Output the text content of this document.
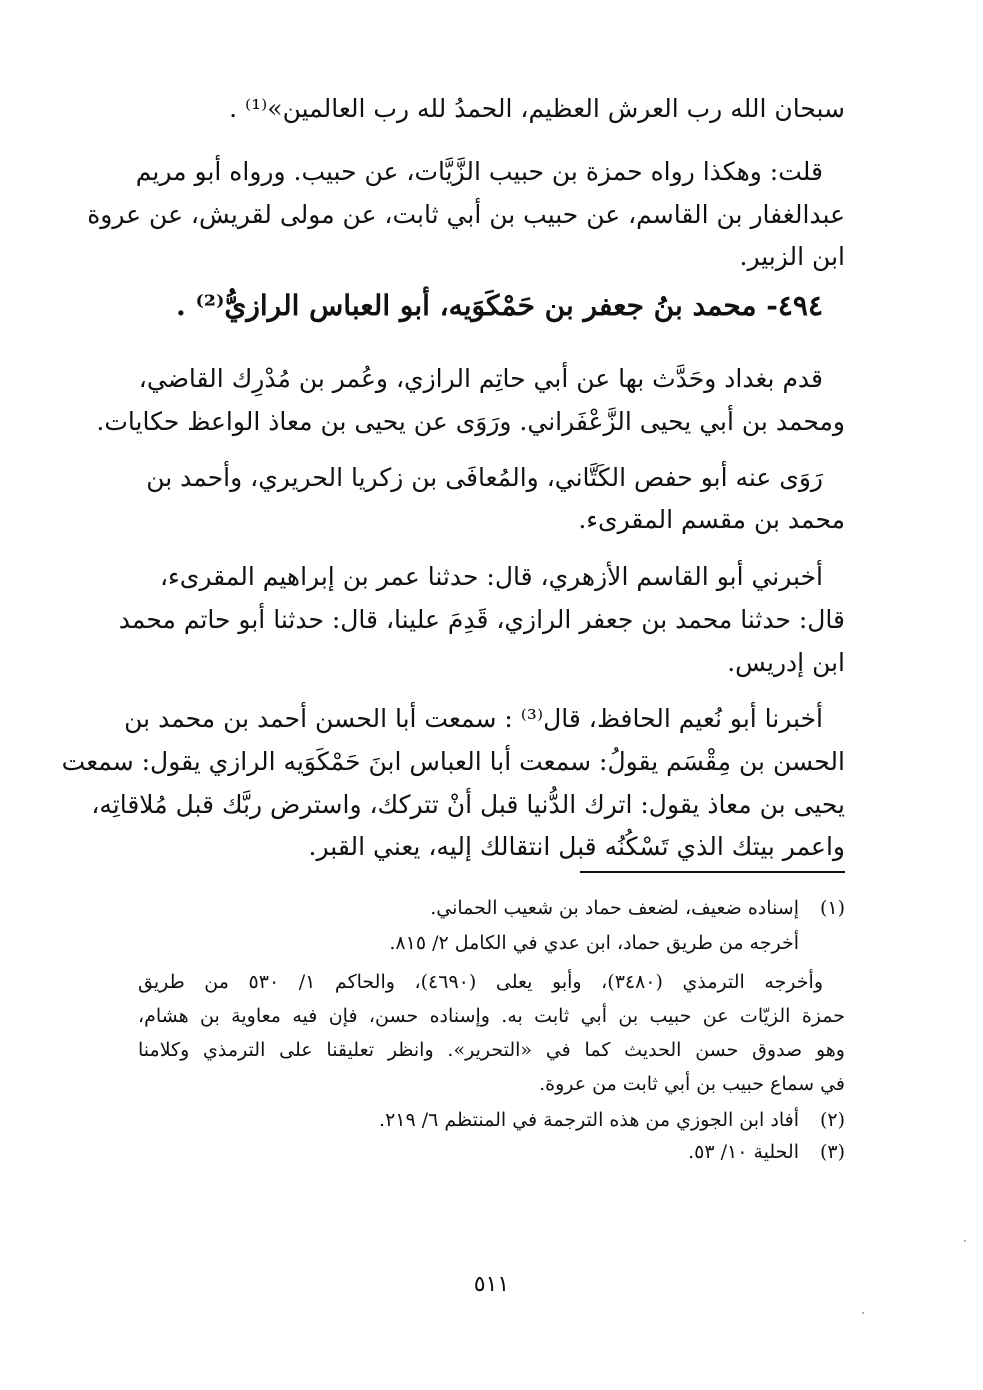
سبحان الله رب العرش العظيم، الحمدُ لله رب العالمين»⁽¹⁾ .
قلت: وهكذا رواه حمزة بن حبيب الزَّيَّات، عن حبيب. ورواه أبو مريم
عبدالغفار بن القاسم، عن حبيب بن أبي ثابت، عن مولى لقريش، عن عروة
ابن الزبير.
٤٩٤- محمد بنُ جعفر بن حَمْكَوَيه، أبو العباس الرازيُّ⁽²⁾ .
قدم بغداد وحَدَّث بها عن أبي حاتِم الرازي، وعُمر بن مُدْرِك القاضي،
ومحمد بن أبي يحيى الزَّعْفَراني. ورَوَى عن يحيى بن معاذ الواعظ حكايات.
رَوَى عنه أبو حفص الكَتَّاني، والمُعافَى بن زكريا الحريري، وأحمد بن
محمد بن مقسم المقرىء.
أخبرني أبو القاسم الأزهري، قال: حدثنا عمر بن إبراهيم المقرىء،
قال: حدثنا محمد بن جعفر الرازي، قَدِمَ علينا، قال: حدثنا أبو حاتم محمد
ابن إدريس.
أخبرنا أبو نُعيم الحافظ، قال⁽³⁾ : سمعت أبا الحسن أحمد بن محمد بن
الحسن بن مِقْسَم يقولُ: سمعت أبا العباس ابنَ حَمْكَوَيه الرازي يقول: سمعت
يحيى بن معاذ يقول: اترك الدُّنيا قبل أنْ تتركك، واسترض ربَّك قبل مُلاقاتِه،
واعمر بيتك الذي تَسْكُنُه قبل انتقالك إليه، يعني القبر.
(١)إسناده ضعيف، لضعف حماد بن شعيب الحماني.
أخرجه من طريق حماد، ابن عدي في الكامل ٢/ ٨١٥.
وأخرجه الترمذي (٣٤٨٠)، وأبو يعلى (٤٦٩٠)، والحاكم ١/ ٥٣٠ من طريق
حمزة الزيّات عن حبيب بن أبي ثابت به. وإسناده حسن، فإن فيه معاوية بن هشام،
وهو صدوق حسن الحديث كما في «التحرير». وانظر تعليقنا على الترمذي وكلامنا
في سماع حبيب بن أبي ثابت من عروة.
(٢)أفاد ابن الجوزي من هذه الترجمة في المنتظم ٦/ ٢١٩.
(٣)الحلية ١٠/ ٥٣.
٥١١
